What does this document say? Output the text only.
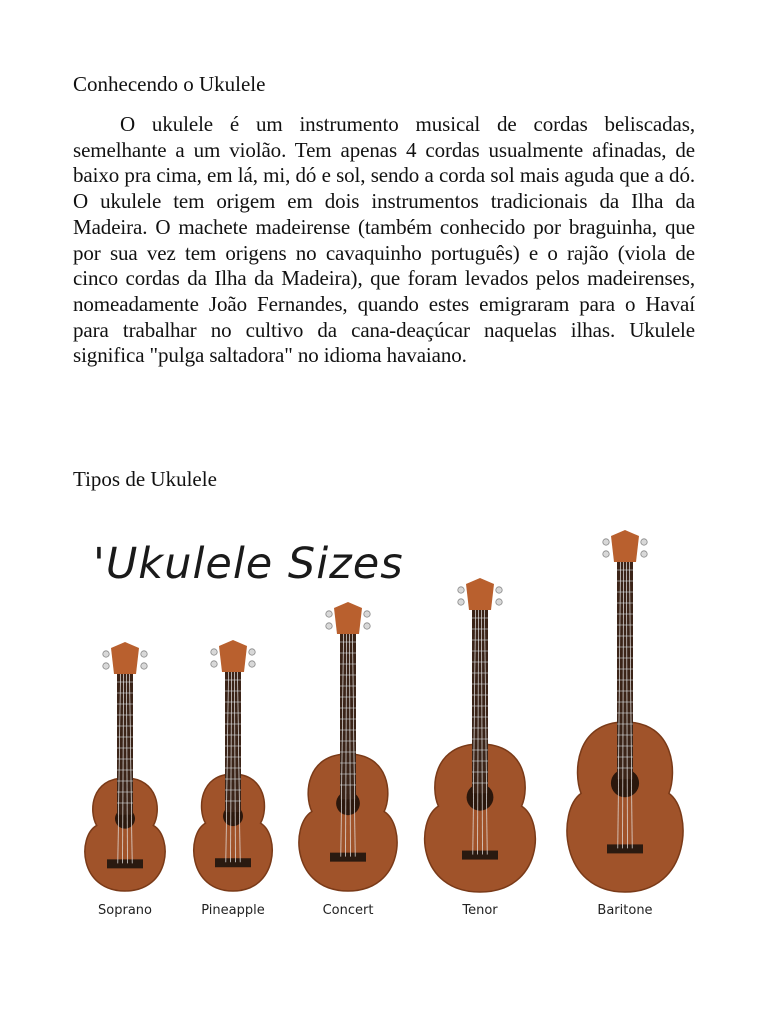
Conhecendo o Ukulele

O ukulele é um instrumento musical de cordas beliscadas, semelhante a um violão. Tem apenas 4 cordas usualmente afinadas, de baixo pra cima, em lá, mi, dó e sol, sendo a corda sol mais aguda que a dó. O ukulele tem origem em dois instrumentos tradicionais da Ilha da Madeira. O machete madeirense (também conhecido por braguinha, que por sua vez tem origens no cavaquinho português) e o rajão (viola de cinco cordas da Ilha da Madeira), que foram levados pelos madeirenses, nomeadamente João Fernandes, quando estes emigraram para o Havaí para trabalhar no cultivo da cana-deaçúcar naquelas ilhas. Ukulele significa "pulga saltadora" no idioma havaiano.

Tipos de Ukulele
'Ukulele Sizes
Soprano	Pineapple	Concert	Tenor	Baritone
